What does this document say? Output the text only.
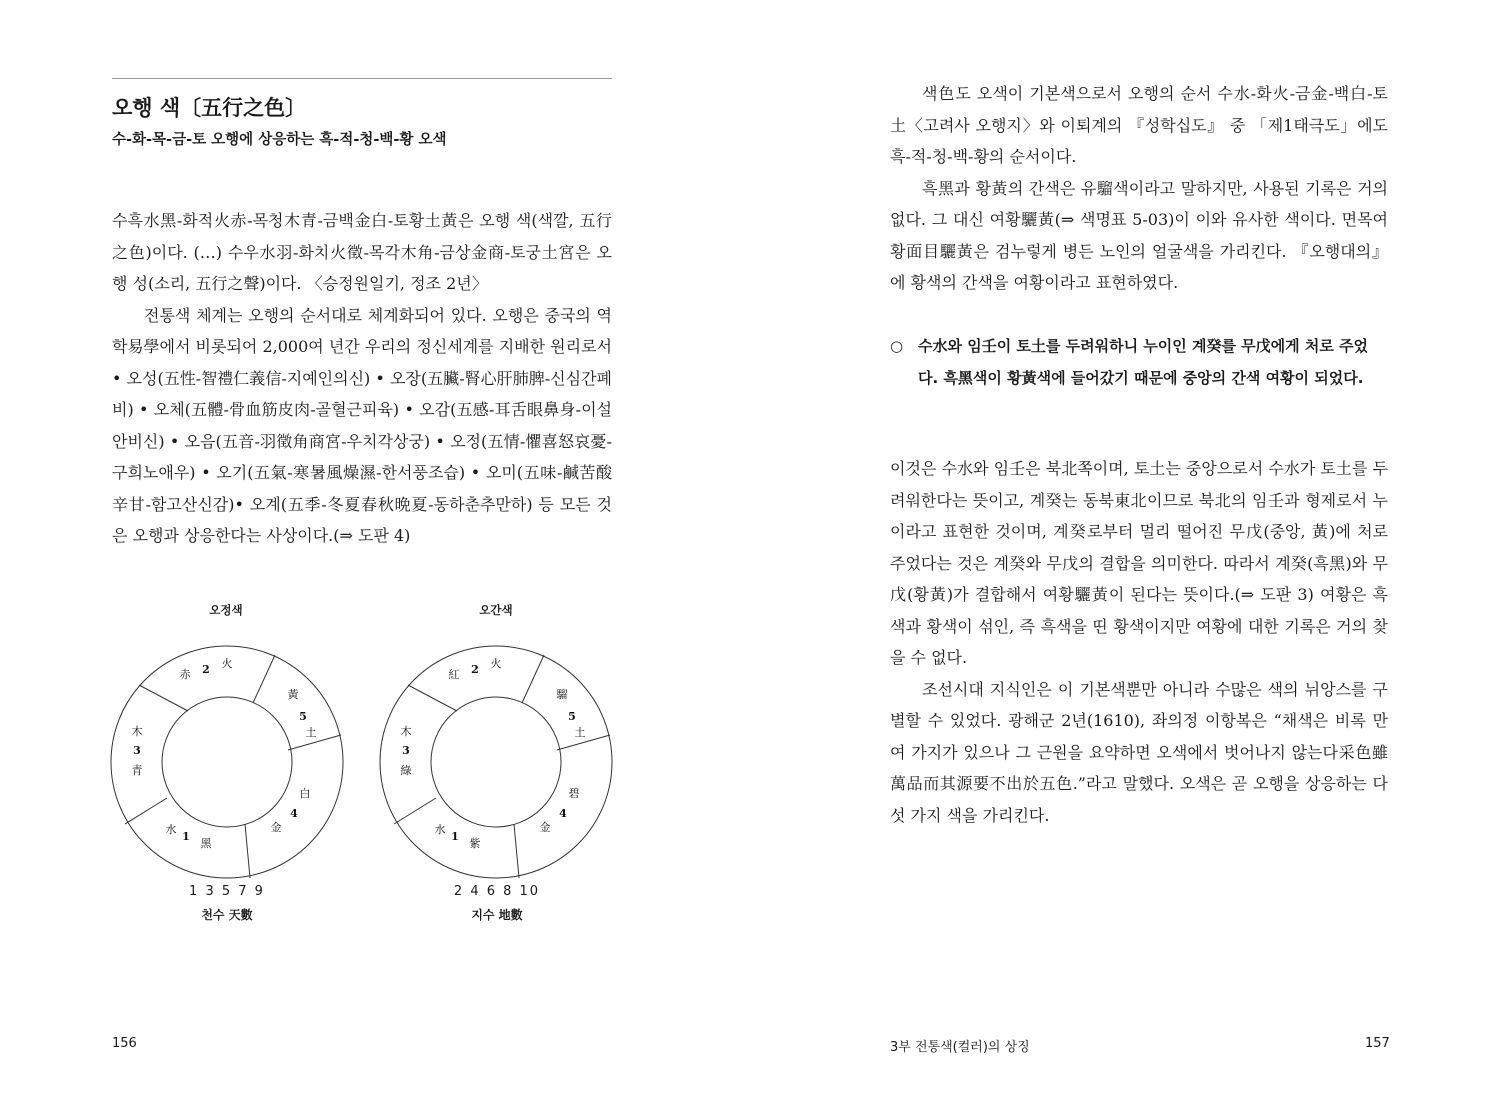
오행 색〔五行之色〕
수-화-목-금-토 오행에 상응하는 흑-적-청-백-황 오색

수흑水黑-화적火赤-목청木青-금백金白-토황土黃은 오행 색(색깔, 五行之色)이다. (…) 수우水羽-화치火徵-목각木角-금상金商-토궁土宮은 오행 성(소리, 五行之聲)이다. 〈승정원일기, 정조 2년〉

전통색 체계는 오행의 순서대로 체계화되어 있다. 오행은 중국의 역학易學에서 비롯되어 2,000여 년간 우리의 정신세계를 지배한 원리로서 • 오성(五性-智禮仁義信-지예인의신) • 오장(五臟-腎心肝肺脾-신심간폐비) • 오체(五體-骨血筋皮肉-골혈근피육) • 오감(五感-耳舌眼鼻身-이설안비신) • 오음(五音-羽徵角商宮-우치각상궁) • 오정(五情-懼喜怒哀憂-구희노애우) • 오기(五氣-寒暑風燥濕-한서풍조습) • 오미(五味-鹹苦酸辛甘-함고산신감)• 오계(五季-冬夏春秋晩夏-동하춘추만하) 등 모든 것은 오행과 상응한다는 사상이다.(⇒ 도판 4)

오정색
赤 2 火
黃
5
土
白
4
金
水
1
黑
木
3
青
1 3 5 7 9
천수 天數
오간색
紅 2 火
騮
5
土
碧
4
金
水
1
紫
木
3
綠
2 4 6 8 10
지수 地數
156

색色도 오색이 기본색으로서 오행의 순서 수水-화火-금金-백白-토土〈고려사 오행지〉와 이퇴계의 『성학십도』 중 「제1태극도」에도 흑-적-청-백-황의 순서이다.

흑黑과 황黃의 간색은 유騮색이라고 말하지만, 사용된 기록은 거의 없다. 그 대신 여황驪黃(⇒ 색명표 5-03)이 이와 유사한 색이다. 면목여황面目驪黃은 검누렇게 병든 노인의 얼굴색을 가리킨다. 『오행대의』에 황색의 간색을 여황이라고 표현하였다.

○ 수水와 임壬이 토土를 두려워하니 누이인 계癸를 무戊에게 처로 주었다. 흑黑색이 황黃색에 들어갔기 때문에 중앙의 간색 여황이 되었다.

이것은 수水와 임壬은 북北쪽이며, 토土는 중앙으로서 수水가 토土를 두려워한다는 뜻이고, 계癸는 동북東北이므로 북北의 임壬과 형제로서 누이라고 표현한 것이며, 계癸로부터 멀리 떨어진 무戊(중앙, 黃)에 처로 주었다는 것은 계癸와 무戊의 결합을 의미한다. 따라서 계癸(흑黑)와 무戊(황黃)가 결합해서 여황驪黃이 된다는 뜻이다.(⇒ 도판 3) 여황은 흑색과 황색이 섞인, 즉 흑색을 띤 황색이지만 여황에 대한 기록은 거의 찾을 수 없다.

조선시대 지식인은 이 기본색뿐만 아니라 수많은 색의 뉘앙스를 구별할 수 있었다. 광해군 2년(1610), 좌의정 이항복은 “채색은 비록 만여 가지가 있으나 그 근원을 요약하면 오색에서 벗어나지 않는다采色雖萬品而其源要不出於五色.”라고 말했다. 오색은 곧 오행을 상응하는 다섯 가지 색을 가리킨다.

3부 전통색(컬러)의 상징	157
